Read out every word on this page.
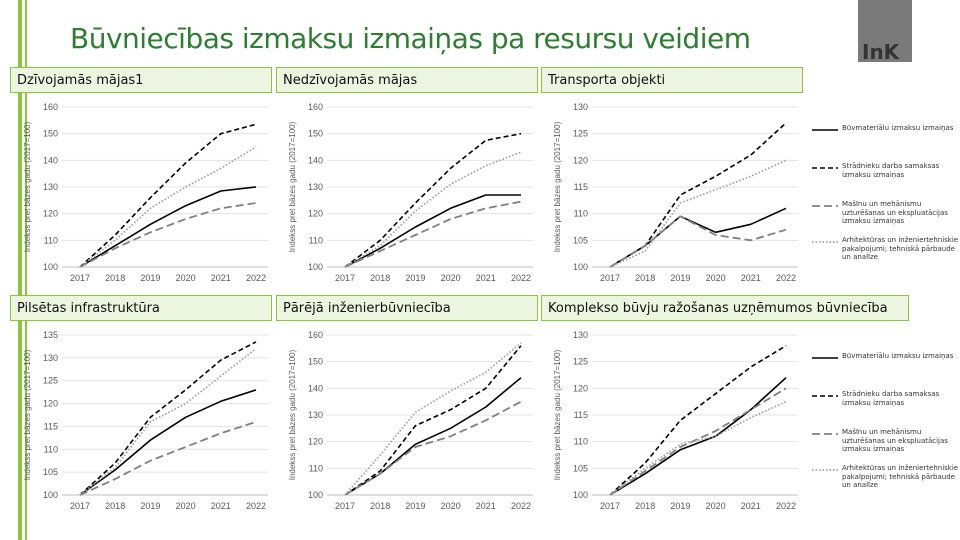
Būvniecības izmaksu izmaiņas pa resursu veidiem	InK
Dzīvojamās mājas1	Nedzīvojamās mājas	Transporta objekti
Pilsētas infrastruktūra	Pārējā inženierbūvniecība	Komplekso būvju ražošanas uzņēmumos būvniecība
Indekss pret bāzes gadu (2017=100)
100
110
120
130
140
150
160
2017 2018 2019 2020 2021 2022
Indekss pret bāzes gadu (2017=100)
100
110
120
130
140
150
160
2017 2018 2019 2020 2021 2022
Indekss pret bāzes gadu (2017=100)
100
105
110
115
120
125
130
2017 2018 2019 2020 2021 2022
Indekss pret bāzes gadu (2017=100)
100
105
110
115
120
125
130
135
2017 2018 2019 2020 2021 2022
Indekss pret bāzes gadu (2017=100)
100
110
120
130
140
150
160
2017 2018 2019 2020 2021 2022
Indekss pret bāzes gadu (2017=100)
100
105
110
115
120
125
130
2017 2018 2019 2020 2021 2022
Būvmateriālu izmaksu izmaiņas
Strādnieku darba samaksas izmaksu izmaiņas
Mašīnu un mehānismu uzturēšanas un ekspluatācijas izmaksu izmaiņas
Arhitektūras un inženiertehniskie pakalpojumi; tehniskā pārbaude un analīze
Būvmateriālu izmaksu izmaiņas
Strādnieku darba samaksas izmaksu izmaiņas
Mašīnu un mehānismu uzturēšanas un ekspluatācijas izmaksu izmaiņas
Arhitektūras un inženiertehniskie pakalpojumi; tehniskā pārbaude un analīze
